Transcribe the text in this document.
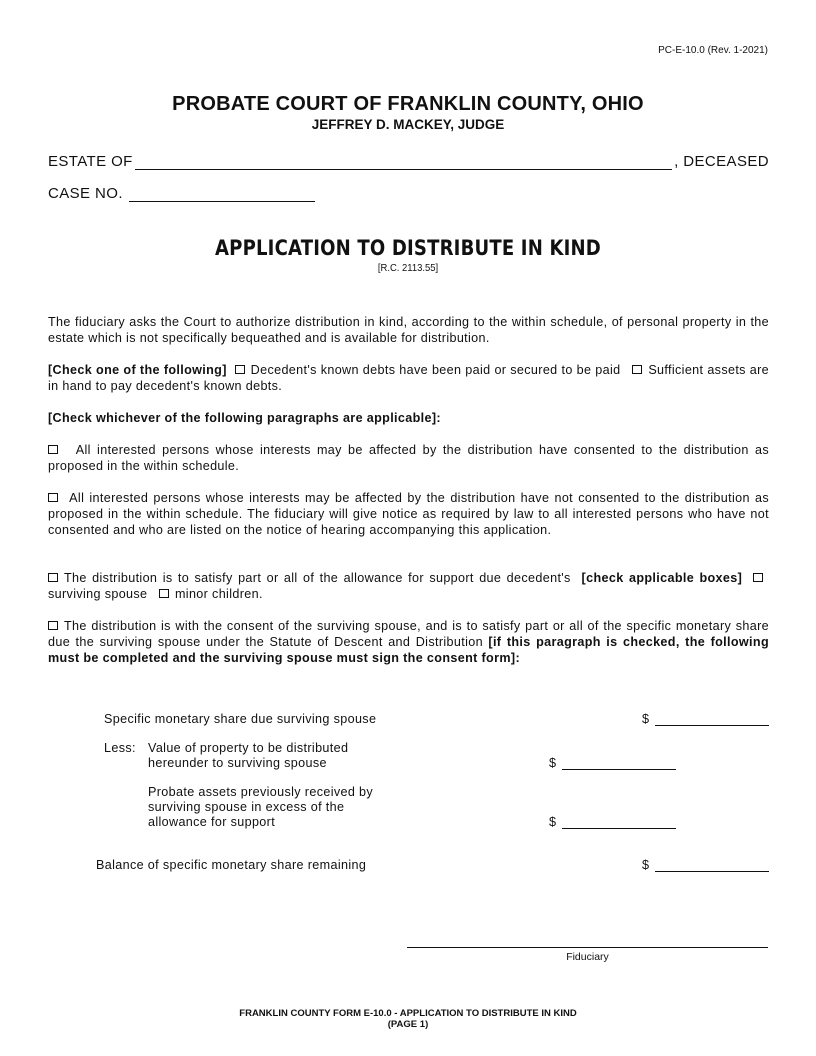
PC-E-10.0 (Rev. 1-2021)
PROBATE COURT OF FRANKLIN COUNTY, OHIO
JEFFREY D. MACKEY, JUDGE
ESTATE OF	, DECEASED
CASE NO.
APPLICATION TO DISTRIBUTE IN KIND
[R.C. 2113.55]
The fiduciary asks the Court to authorize distribution in kind, according to the within schedule, of personal property in the estate which is not specifically bequeathed and is available for distribution.
[Check one of the following] Decedent's known debts have been paid or secured to be paid Sufficient assets are in hand to pay decedent's known debts.
[Check whichever of the following paragraphs are applicable]:
All interested persons whose interests may be affected by the distribution have consented to the distribution as proposed in the within schedule.
All interested persons whose interests may be affected by the distribution have not consented to the distribution as proposed in the within schedule. The fiduciary will give notice as required by law to all interested persons who have not consented and who are listed on the notice of hearing accompanying this application.
The distribution is to satisfy part or all of the allowance for support due decedent's [check applicable boxes]  surviving spouse minor children.
The distribution is with the consent of the surviving spouse, and is to satisfy part or all of the specific monetary share due the surviving spouse under the Statute of Descent and Distribution [if this paragraph is checked, the following must be completed and the surviving spouse must sign the consent form]:
Specific monetary share due surviving spouse	$
Less: Value of property to be distributed
hereunder to surviving spouse	$
Probate assets previously received by
surviving spouse in excess of the
allowance for support	$
Balance of specific monetary share remaining	$
Fiduciary
FRANKLIN COUNTY FORM E-10.0 - APPLICATION TO DISTRIBUTE IN KIND
(PAGE 1)
